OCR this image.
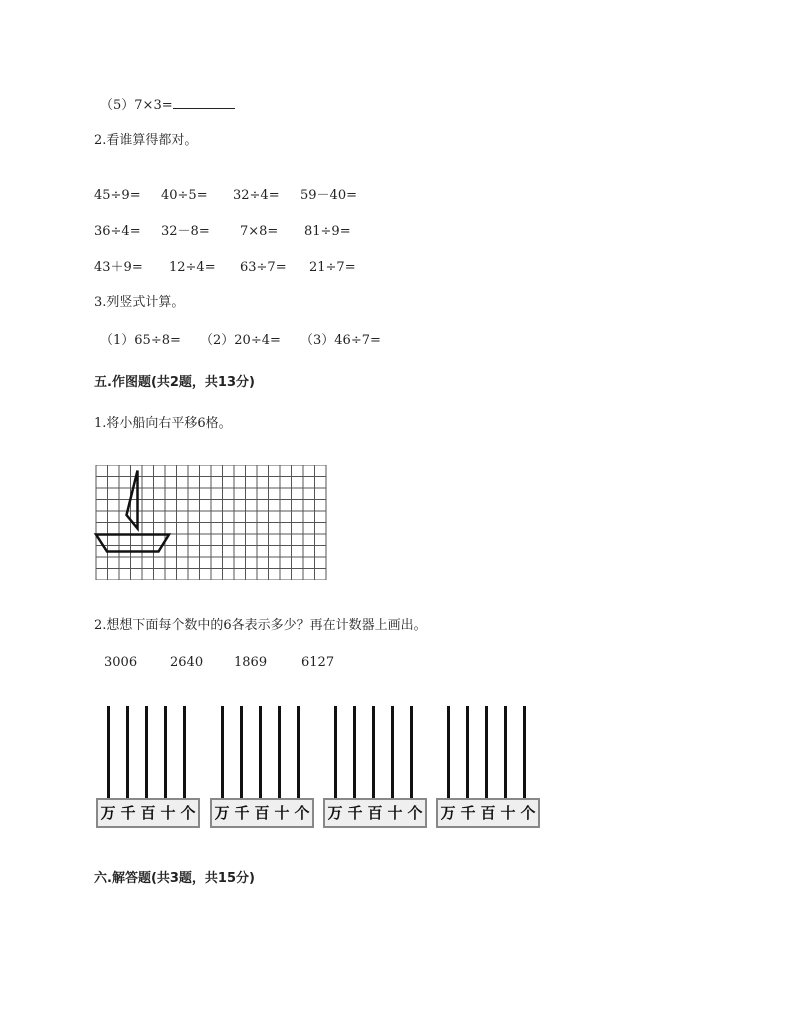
（5）7×3=
2.看谁算得都对。
45÷9= 40÷5= 32÷4= 59－40=
36÷4= 32－8= 7×8= 81÷9=
43＋9= 12÷4= 63÷7= 21÷7=
3.列竖式计算。
（1）65÷8= （2）20÷4= （3）46÷7=
五.作图题(共2题，共13分)
1.将小船向右平移6格。
2.想想下面每个数中的6各表示多少？再在计数器上画出。
3006	2640 1869	6127
万 千 百 十 个 万 千 百 十 个 万 千 百 十 个 万 千 百 十 个
六.解答题(共3题，共15分)
